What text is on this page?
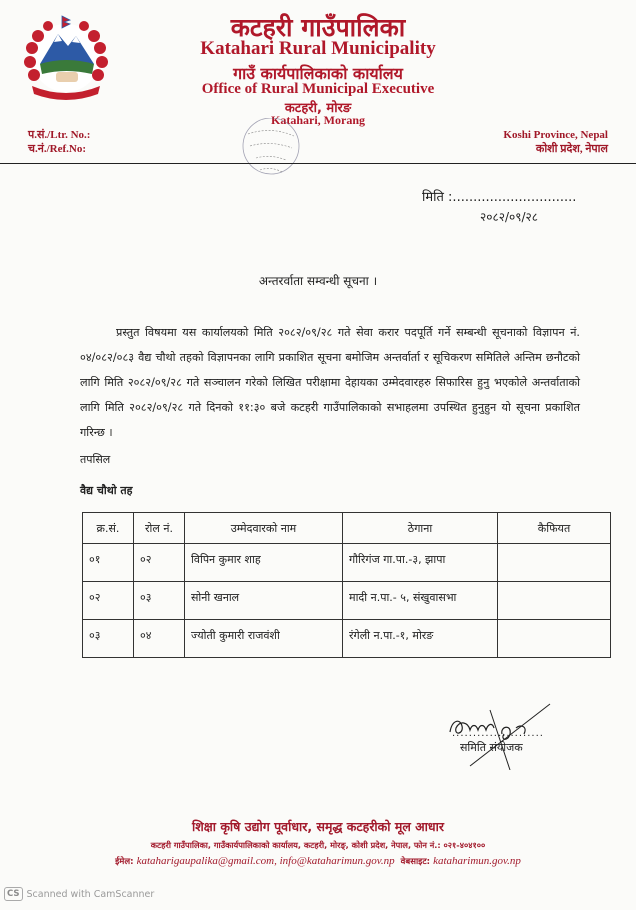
कटहरी गाउँपालिका
Katahari Rural Municipality
गाउँ कार्यपालिकाको कार्यालय
Office of Rural Municipal Executive
कटहरी, मोरङ
Katahari, Morang
प.सं./Ltr. No.:
च.नं./Ref.No:
Koshi Province, Nepal
कोशी प्रदेश, नेपाल
मिति :..............................
२०८२/०९/२८
अन्तरर्वाता सम्वन्धी सूचना ।
प्रस्तुत विषयमा यस कार्यालयको मिति २०८२/०९/२८ गते सेवा करार पदपूर्ति गर्ने सम्बन्धी सूचनाको विज्ञापन नं. ०४/०८२/०८३ वैद्य चौथो तहको विज्ञापनका लागि प्रकाशित सूचना बमोजिम अन्तर्वार्ता र सूचिकरण समितिले अन्तिम छनौटको लागि मिति २०८२/०९/२८ गते सञ्चालन गरेको लिखित परीक्षामा देहायका उम्मेदवारहरु सिफारिस हुनु भएकोले अन्तर्वाताको लागि मिति २०८२/०९/२८ गते दिनको ११:३० बजे कटहरी गाउँपालिकाको सभाहलमा उपस्थित हुनुहुन यो सूचना प्रकाशित गरिन्छ ।
तपसिल
वैद्य चौथो तह
क्र.सं.	रोल नं.	उम्मेदवारको नाम	ठेगाना	कैफियत
०१	०२	विपिन कुमार शाह	गौरिगंज गा.पा.-३, झापा	
०२	०३	सोनी खनाल	मादी न.पा.- ५, संखुवासभा	
०३	०४	ज्योती कुमारी राजवंशी	रंगेली न.पा.-१, मोरङ	
......................
समिति संयोजक
शिक्षा कृषि उद्योग पूर्वाधार, समृद्ध कटहरीको मूल आधार
कटहरी गाउँपालिका, गाउँकार्यपालिकाको कार्यालय, कटहरी, मोरङ्, कोशी प्रदेश, नेपाल, फोन नं.: ०२१-४०४१००
ईमेल: kataharigaupalika@gmail.com, info@kataharimun.gov.np वेबसाइट: kataharimun.gov.np
CS Scanned with CamScanner
